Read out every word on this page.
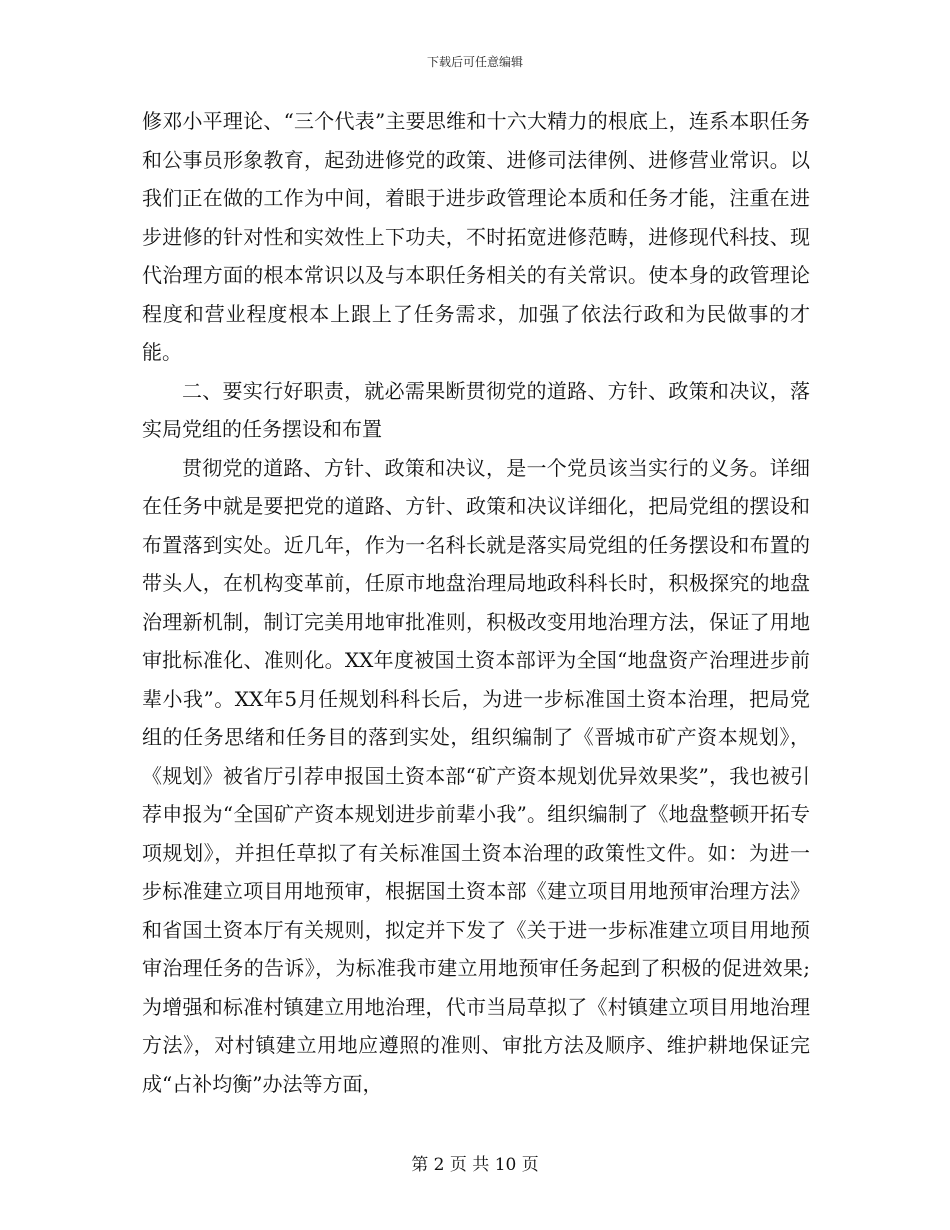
下载后可任意编辑

修邓小平理论、“三个代表”主要思维和十六大精力的根底上，连系本职任务和公事员形象教育，起劲进修党的政策、进修司法律例、进修营业常识。以我们正在做的工作为中间，着眼于进步政管理论本质和任务才能，注重在进步进修的针对性和实效性上下功夫，不时拓宽进修范畴，进修现代科技、现代治理方面的根本常识以及与本职任务相关的有关常识。使本身的政管理论程度和营业程度根本上跟上了任务需求，加强了依法行政和为民做事的才能。

二、要实行好职责，就必需果断贯彻党的道路、方针、政策和决议，落实局党组的任务摆设和布置

贯彻党的道路、方针、政策和决议，是一个党员该当实行的义务。详细在任务中就是要把党的道路、方针、政策和决议详细化，把局党组的摆设和布置落到实处。近几年，作为一名科长就是落实局党组的任务摆设和布置的带头人，在机构变革前，任原市地盘治理局地政科科长时，积极探究的地盘治理新机制，制订完美用地审批准则，积极改变用地治理方法，保证了用地审批标准化、准则化。XX年度被国土资本部评为全国“地盘资产治理进步前辈小我”。XX年5月任规划科科长后，为进一步标准国土资本治理，把局党组的任务思绪和任务目的落到实处，组织编制了《晋城市矿产资本规划》，《规划》被省厅引荐申报国土资本部“矿产资本规划优异效果奖”，我也被引荐申报为“全国矿产资本规划进步前辈小我”。组织编制了《地盘整顿开拓专项规划》，并担任草拟了有关标准国土资本治理的政策性文件。如：为进一步标准建立项目用地预审，根据国土资本部《建立项目用地预审治理方法》和省国土资本厅有关规则，拟定并下发了《关于进一步标准建立项目用地预审治理任务的告诉》，为标准我市建立用地预审任务起到了积极的促进效果;为增强和标准村镇建立用地治理，代市当局草拟了《村镇建立项目用地治理方法》，对村镇建立用地应遵照的准则、审批方法及顺序、维护耕地保证完成“占补均衡”办法等方面，

第 2 页 共 10 页
